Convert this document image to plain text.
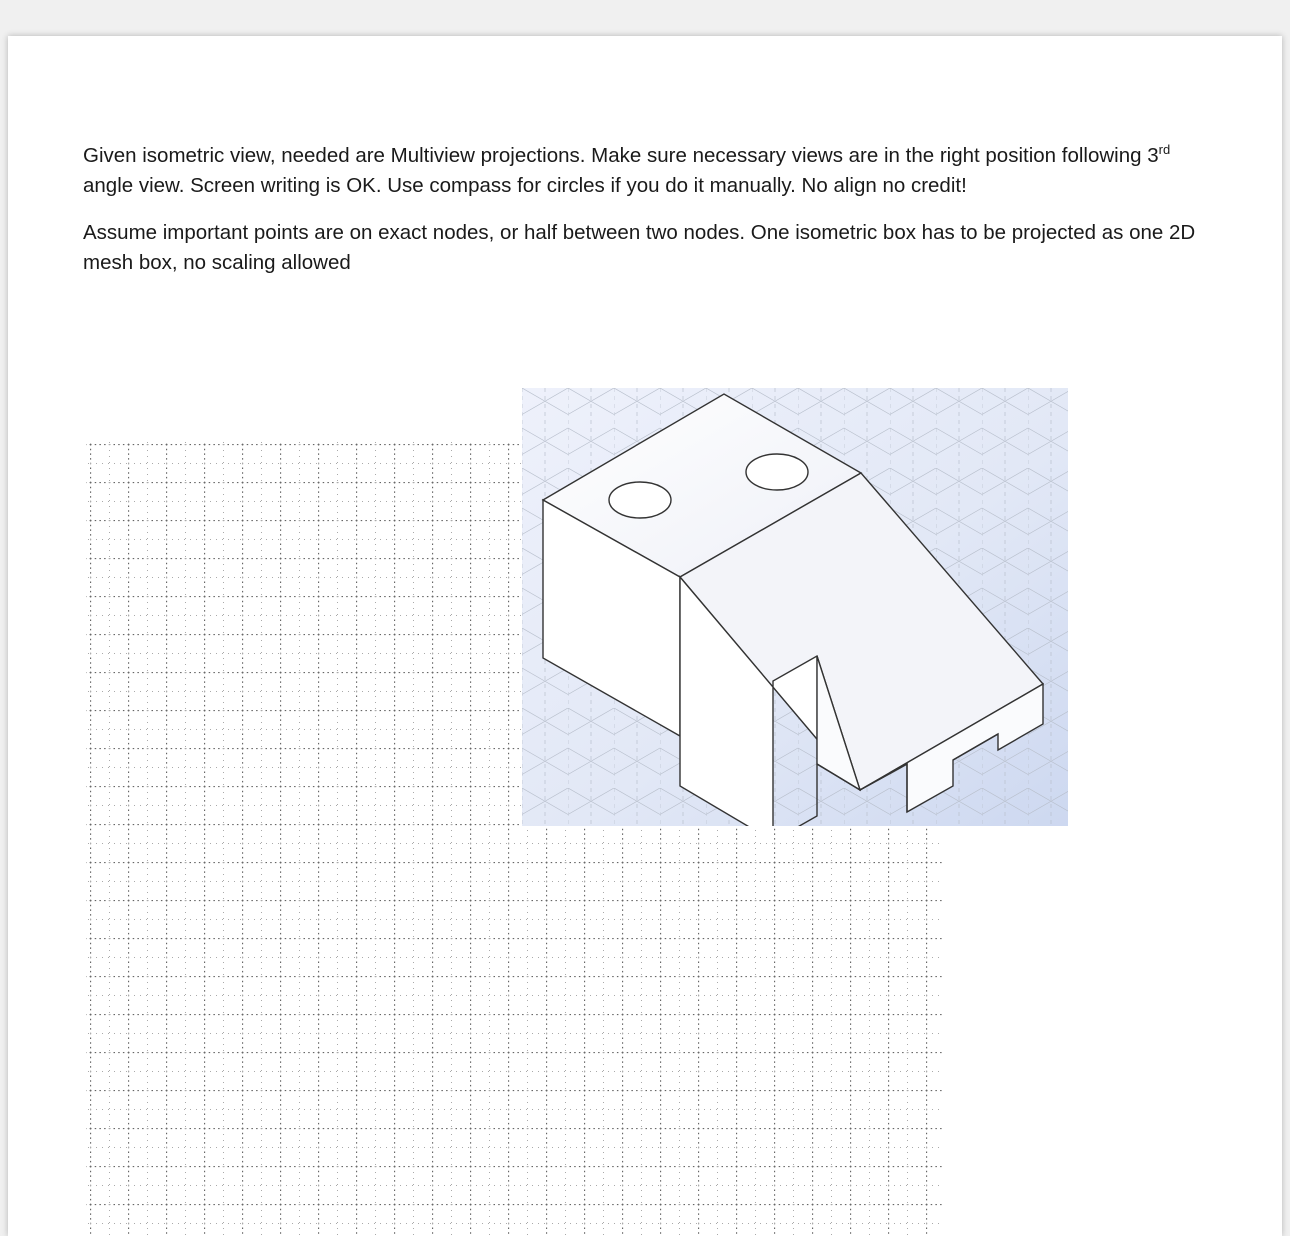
Given isometric view, needed are Multiview projections. Make sure necessary views are in the right position following 3rd angle view. Screen writing is OK. Use compass for circles if you do it manually. No align no credit!

Assume important points are on exact nodes, or half between two nodes. One isometric box has to be projected as one 2D mesh box, no scaling allowed
